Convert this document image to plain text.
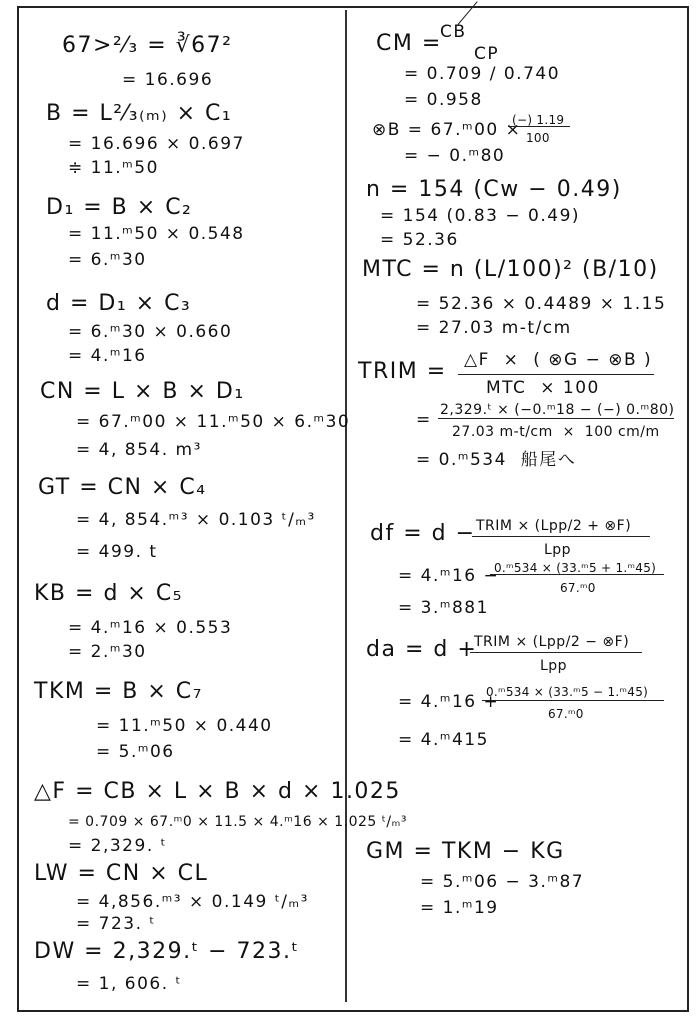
67>²⁄₃ = ∛67²
= 16.696
B = L²⁄₃₍ₘ₎ × C₁
= 16.696 × 0.697
≑ 11.ᵐ50
D₁ = B × C₂
= 11.ᵐ50 × 0.548
= 6.ᵐ30
d = D₁ × C₃
= 6.ᵐ30 × 0.660
= 4.ᵐ16
CN = L × B × D₁
= 67.ᵐ00 × 11.ᵐ50 × 6.ᵐ30
= 4, 854. m³
GT = CN × C₄
= 4, 854.ᵐ³ × 0.103 ᵗ/ₘ³
= 499. t
KB = d × C₅
= 4.ᵐ16 × 0.553
= 2.ᵐ30
TKM = B × C₇
= 11.ᵐ50 × 0.440
= 5.ᵐ06
△F = CB × L × B × d × 1.025
= 0.709 × 67.ᵐ0 × 11.5 × 4.ᵐ16 × 1.025 ᵗ/ₘ³
= 2,329. ᵗ
LW = CN × CL
= 4,856.ᵐ³ × 0.149 ᵗ/ₘ³
= 723. ᵗ
DW = 2,329.ᵗ − 723.ᵗ
= 1, 606. ᵗ
CM =
CB
CP
= 0.709 / 0.740
= 0.958
⊗B = 67.ᵐ00 ×
(−) 1.19
100
= − 0.ᵐ80
n = 154 (Cw − 0.49)
= 154 (0.83 − 0.49)
= 52.36
MTC = n (L/100)² (B/10)
= 52.36 × 0.4489 × 1.15
= 27.03 m-t/cm
TRIM = △F  ×  ( ⊗G − ⊗B )
MTC  × 100
= 2,329.ᵗ × (−0.ᵐ18 − (−) 0.ᵐ80)
27.03 m-t/cm  ×  100 cm/m
= 0.ᵐ534  船尾へ
df = d − TRIM × (Lpp/2 + ⊗F)
Lpp
= 4.ᵐ16 −
0.ᵐ534 × (33.ᵐ5 + 1.ᵐ45)
67.ᵐ0
= 3.ᵐ881
da = d +
TRIM × (Lpp/2 − ⊗F)
Lpp
= 4.ᵐ16 +
0.ᵐ534 × (33.ᵐ5 − 1.ᵐ45)
67.ᵐ0
= 4.ᵐ415
GM = TKM − KG
= 5.ᵐ06 − 3.ᵐ87
= 1.ᵐ19
